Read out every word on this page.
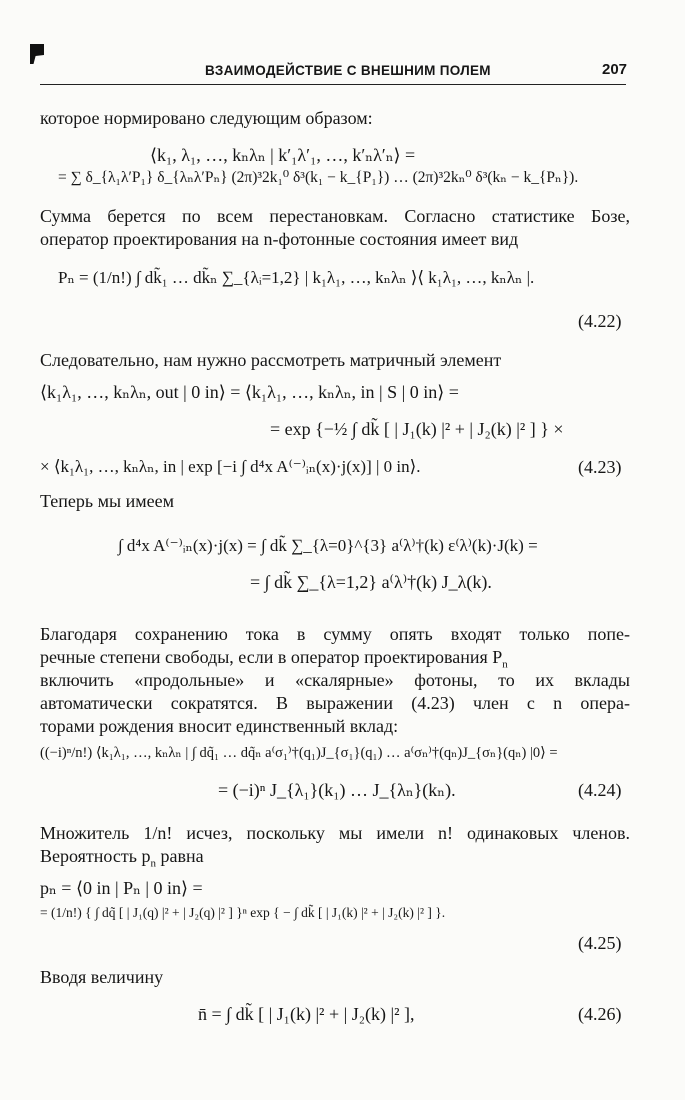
ВЗАИМОДЕЙСТВИЕ С ВНЕШНИМ ПОЛЕМ	207
которое нормировано следующим образом:
⟨k₁, λ₁, …, kₙλₙ | k′₁λ′₁, …, k′ₙλ′ₙ⟩ =
= ∑ δ_{λ₁λ′P₁} δ_{λₙλ′Pₙ} (2π)³2k₁⁰ δ³(k₁ − k_{P₁}) … (2π)³2kₙ⁰ δ³(kₙ − k_{Pₙ}).
Сумма берется по всем перестановкам. Согласно статистике Бозе,
оператор проектирования на n-фотонные состояния имеет вид
Pₙ = (1/n!) ∫ dk̃₁ … dk̃ₙ ∑_{λᵢ=1,2} | k₁λ₁, …, kₙλₙ ⟩⟨ k₁λ₁, …, kₙλₙ |.
(4.22)
Следовательно, нам нужно рассмотреть матричный элемент
⟨k₁λ₁, …, kₙλₙ, out | 0 in⟩ = ⟨k₁λ₁, …, kₙλₙ, in | S | 0 in⟩ =
= exp {−½ ∫ dk̃ [ | J₁(k) |² + | J₂(k) |² ] } ×
× ⟨k₁λ₁, …, kₙλₙ, in | exp [−i ∫ d⁴x A⁽⁻⁾ᵢₙ(x)·j(x)] | 0 in⟩.	(4.23)
Теперь мы имеем
∫ d⁴x A⁽⁻⁾ᵢₙ(x)·j(x) = ∫ dk̃ ∑_{λ=0}^{3} a⁽λ⁾†(k) ε⁽λ⁾(k)·J(k) =
= ∫ dk̃ ∑_{λ=1,2} a⁽λ⁾†(k) J_λ(k).
Благодаря сохранению тока в сумму опять входят только попе-
речные степени свободы, если в оператор проектирования $P_n$
включить «продольные» и «скалярные» фотоны, то их вклады
автоматически сократятся. В выражении (4.23) член с n опера-
торами рождения вносит единственный вклад:
((−i)ⁿ/n!) ⟨k₁λ₁, …, kₙλₙ | ∫ dq̃₁ … dq̃ₙ a⁽σ₁⁾†(q₁)J_{σ₁}(q₁) … a⁽σₙ⁾†(qₙ)J_{σₙ}(qₙ) |0⟩ =
= (−i)ⁿ J_{λ₁}(k₁) … J_{λₙ}(kₙ).	(4.24)
Множитель 1/n! исчез, поскольку мы имели n! одинаковых членов.
Вероятность $p_n$ равна
pₙ = ⟨0 in | Pₙ | 0 in⟩ =
= (1/n!) { ∫ dq̃ [ | J₁(q) |² + | J₂(q) |² ] }ⁿ exp { − ∫ dk̃ [ | J₁(k) |² + | J₂(k) |² ] }.
(4.25)
Вводя величину
n̄ = ∫ dk̃ [ | J₁(k) |² + | J₂(k) |² ],	(4.26)
